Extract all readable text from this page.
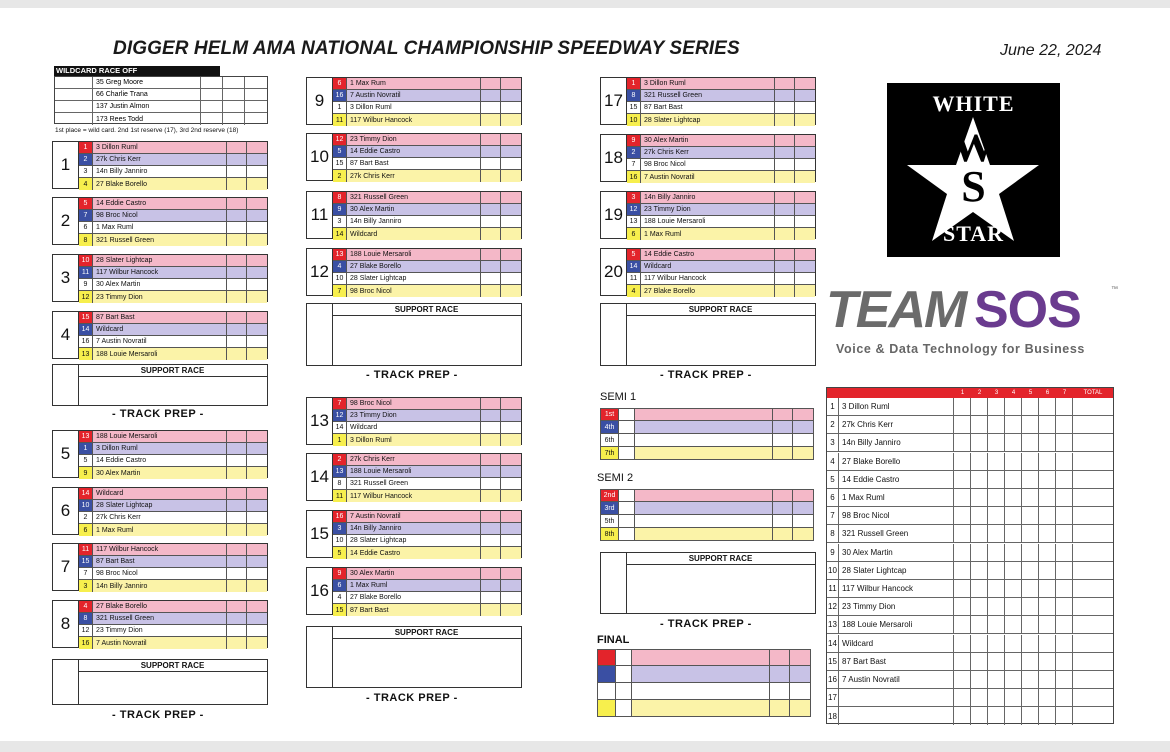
DIGGER HELM AMA NATIONAL CHAMPIONSHIP SPEEDWAY SERIES	June 22, 2024
WILDCARD RACE OFF
35 Greg Moore
66 Charlie Trana
137 Justin Almon
173 Rees Todd
1st place = wild card. 2nd 1st reserve (17), 3rd 2nd reserve (18)
1
1	3 Dillon Ruml
2	27k Chris Kerr
3	14n Billy Janniro
4	27 Blake Borello
2
5	14 Eddie Castro
7	98 Broc Nicol
6	1 Max Ruml
8	321 Russell Green
3
10 28 Slater Lightcap
11 117 Wilbur Hancock
9	30 Alex Martin
12 23 Timmy Dion
4
15 87 Bart Bast
14 Wildcard
16 7 Austin Novratil
13 188 Louie Mersaroli
5
13 188 Louie Mersaroli
1	3 Dillon Ruml
5	14 Eddie Castro
9	30 Alex Martin
6
14 Wildcard
10 28 Slater Lightcap
2	27k Chris Kerr
6	1 Max Ruml
7
11 117 Wilbur Hancock
15 87 Bart Bast
7	98 Broc Nicol
3	14n Billy Janniro
8
4	27 Blake Borello
8	321 Russell Green
12 23 Timmy Dion
16 7 Austin Novratil
9
6	1 Max Rum
16 7 Austin Novratil
1	3 Dillon Ruml
11 117 Wilbur Hancock
10
12 23 Timmy Dion
5	14 Eddie Castro
15 87 Bart Bast
2	27k Chris Kerr
11
8	321 Russell Green
9	30 Alex Martin
3	14n Billy Janniro
14 Wildcard
12
13 188 Louie Mersaroli
4	27 Blake Borello
10 28 Slater Lightcap
7	98 Broc Nicol
13
7	98 Broc Nicol
12 23 Timmy Dion
14 Wildcard
1	3 Dillon Ruml
14
2	27k Chris Kerr
13 188 Louie Mersaroli
8	321 Russell Green
11 117 Wilbur Hancock
15
16 7 Austin Novratil
3	14n Billy Janniro
10 28 Slater Lightcap
5	14 Eddie Castro
16
9	30 Alex Martin
6	1 Max Ruml
4	27 Blake Borello
15 87 Bart Bast
17
1	3 Dillon Ruml
8	321 Russell Green
15 87 Bart Bast
10 28 Slater Lightcap
18
9	30 Alex Martin
2	27k Chris Kerr
7	98 Broc Nicol
16 7 Austin Novratil
19
3	14n Billy Janniro
12 23 Timmy Dion
13 188 Louie Mersaroli
6	1 Max Ruml
20
5	14 Eddie Castro
14 Wildcard
11 117 Wilbur Hancock
4	27 Blake Borello
SUPPORT RACE
- TRACK PREP -
SUPPORT RACE
- TRACK PREP -
SUPPORT RACE
- TRACK PREP -
SUPPORT RACE
- TRACK PREP -
SUPPORT RACE
- TRACK PREP -
SUPPORT RACE
- TRACK PREP -
SEMI 1
1st
4th
6th
7th
SEMI 2
2nd
3rd
5th
8th
FINAL
WHITE
W
S
STAR
TEAM SOS	™
Voice & Data Technology for Business
1	2	3	4	5	6	7	TOTAL
1 3 Dillon Ruml
2 27k Chris Kerr
3 14n Billy Janniro
4 27 Blake Borello
5 14 Eddie Castro
6 1 Max Ruml
7 98 Broc Nicol
8 321 Russell Green
9 30 Alex Martin
10 28 Slater Lightcap
11 117 Wilbur Hancock
12 23 Timmy Dion
13 188 Louie Mersaroli
14 Wildcard
15 87 Bart Bast
16 7 Austin Novratil
17
18
